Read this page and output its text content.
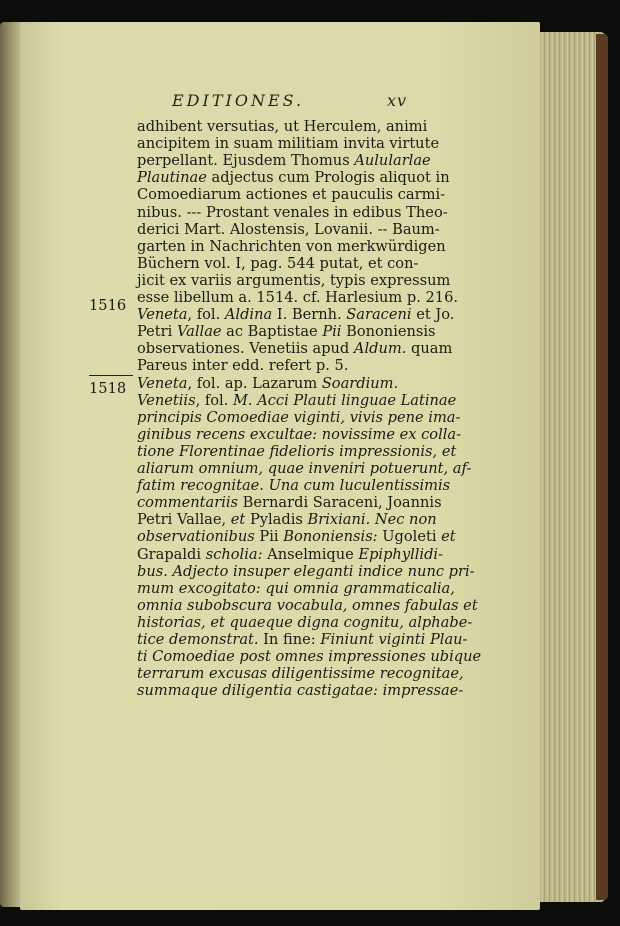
EDITIONES.	xv
1516
1518
adhibent versutias, ut Herculem, animi
ancipitem in suam militiam invita virtute
perpellant. Ejusdem Thomus Aulularlae
Plautinae adjectus cum Prologis aliquot in
Comoediarum actiones et pauculis carmi-
nibus. --- Prostant venales in edibus Theo-
derici Mart. Alostensis, Lovanii. -- Baum-
garten in Nachrichten von merkwürdigen
Büchern vol. I, pag. 544 putat, et con-
jicit ex variis argumentis, typis expressum
esse libellum a. 1514. cf. Harlesium p. 216.
Veneta, fol. Aldina I. Bernh. Saraceni et Jo.
Petri Vallae ac Baptistae Pii Bononiensis
observationes. Venetiis apud Aldum. quam
Pareus inter edd. refert p. 5.
Veneta, fol. ap. Lazarum Soardium.
Venetiis, fol. M. Acci Plauti linguae Latinae
principis Comoediae viginti, vivis pene ima-
ginibus recens excultae: novissime ex colla-
tione Florentinae fidelioris impressionis, et
aliarum omnium, quae inveniri potuerunt, af-
fatim recognitae. Una cum luculentissimis
commentariis Bernardi Saraceni, Joannis
Petri Vallae, et Pyladis Brixiani. Nec non
observationibus Pii Bononiensis: Ugoleti et
Grapaldi scholia: Anselmique Epiphyllidi-
bus. Adjecto insuper eleganti indice nunc pri-
mum excogitato: qui omnia grammaticalia,
omnia subobscura vocabula, omnes fabulas et
historias, et quaeque digna cognitu, alphabe-
tice demonstrat. In fine: Finiunt viginti Plau-
ti Comoediae post omnes impressiones ubique
terrarum excusas diligentissime recognitae,
summaque diligentia castigatae: impressae-
